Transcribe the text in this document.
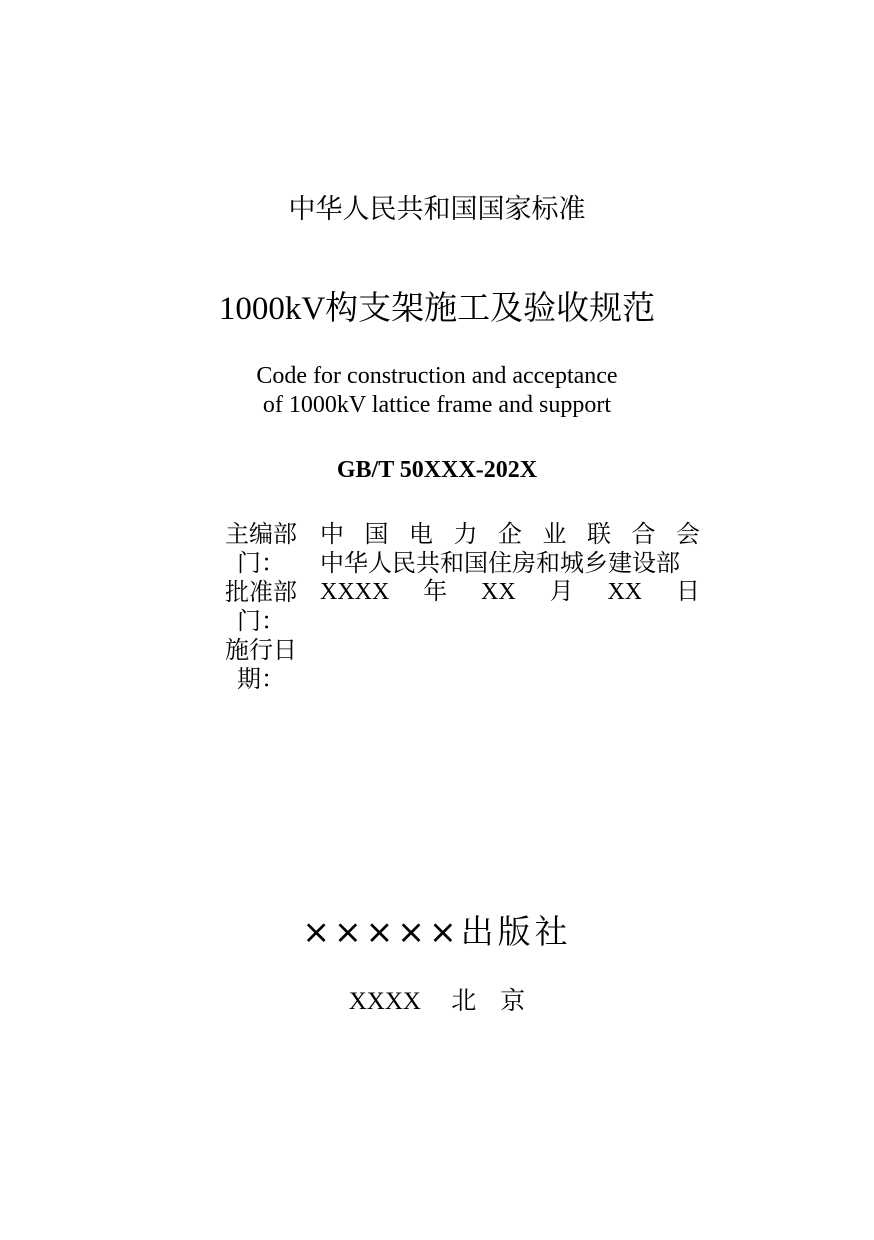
中华人民共和国国家标准
1000kV构支架施工及验收规范
Code for construction and acceptance
of 1000kV lattice frame and support
GB/T 50XXX-202X
主编部门：
批准部门：
施行日期：
中 国 电 力 企 业 联 合 会
中华人民共和国住房和城乡建设部
XXXX 年 XX 月 XX 日
×××××出版社
XXXX 北 京
